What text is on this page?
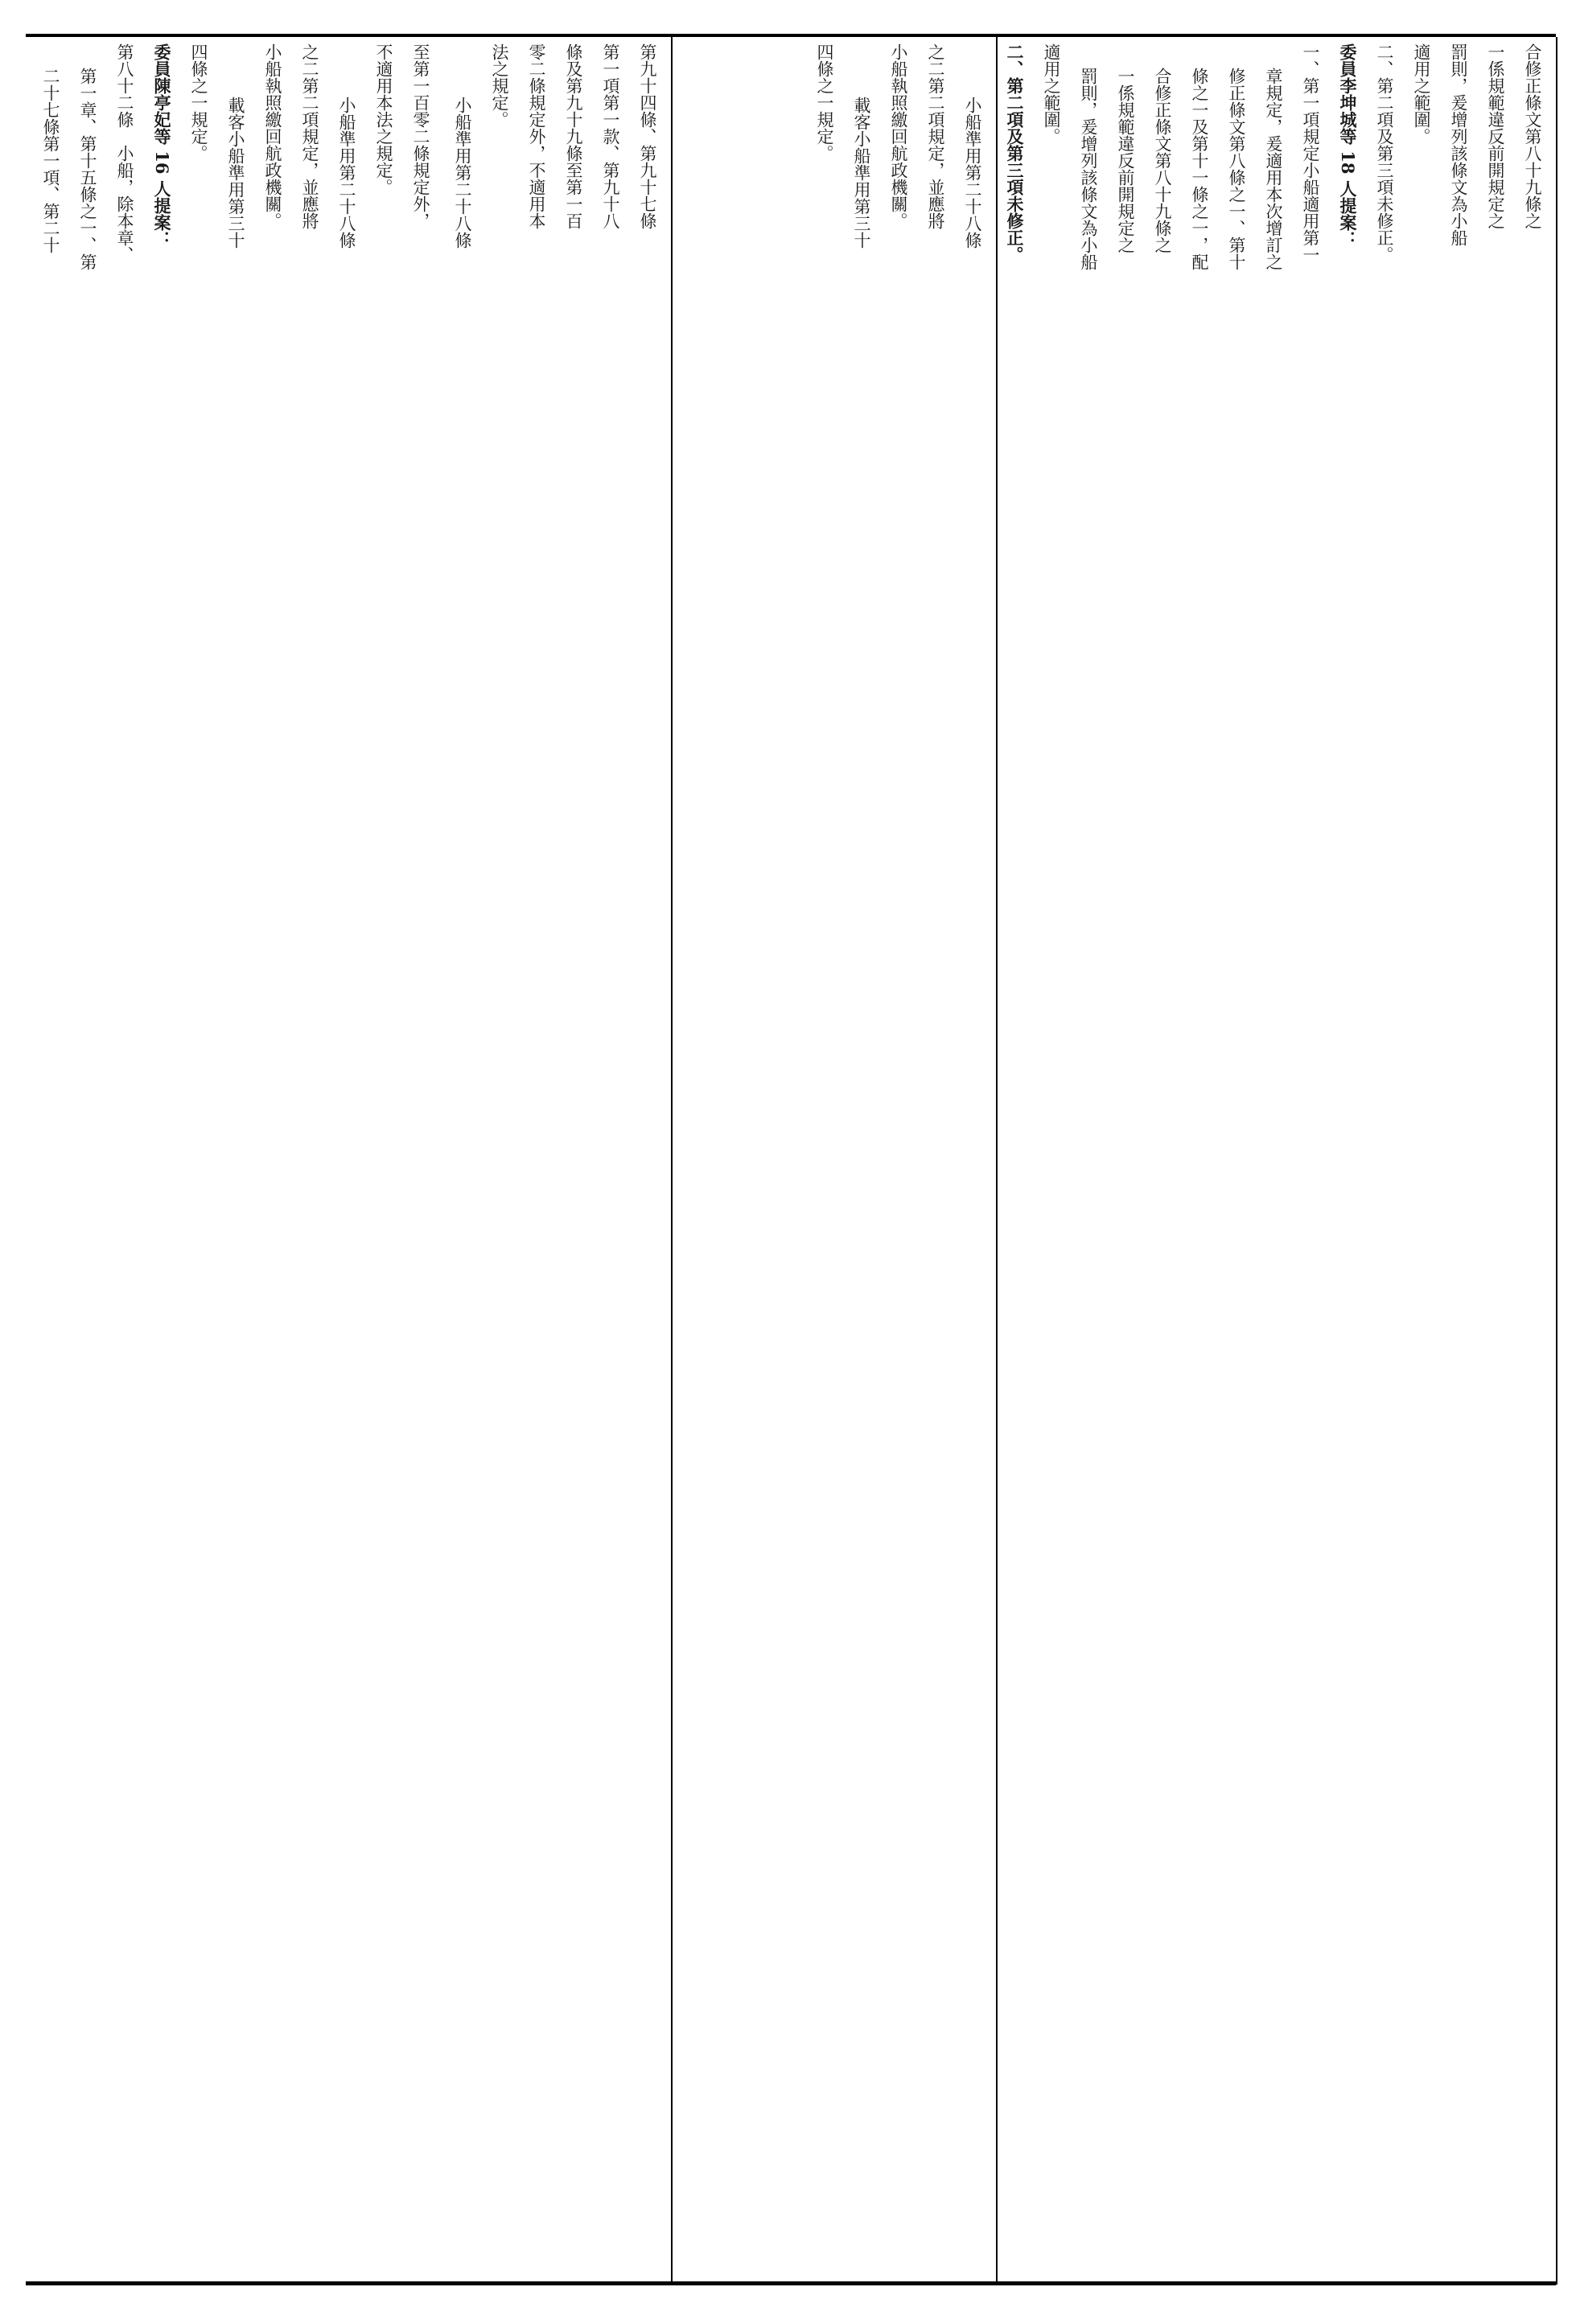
合修正條文第八十九條之
一係規範違反前開規定之
罰則，爰增列該條文為小船
適用之範圍。
二、第二項及第三項未修正。
委員李坤城等 18 人提案：
一、第一項規定小船適用第一
章規定，爰適用本次增訂之
修正條文第八條之一、第十
條之一及第十一條之一，配
合修正條文第八十九條之
一係規範違反前開規定之
罰則，爰增列該條文為小船
適用之範圍。
二、第二項及第三項未修正。
小船準用第二十八條
之二第二項規定，並應將
小船執照繳回航政機關。
載客小船準用第三十
四條之一規定。
第九十四條、第九十七條
第一項第一款、第九十八
條及第九十九條至第一百
零二條規定外，不適用本
法之規定。
小船準用第二十八條
至第一百零二條規定外，
不適用本法之規定。
小船準用第二十八條
之二第二項規定，並應將
小船執照繳回航政機關。
載客小船準用第三十
四條之一規定。
委員陳亭妃等 16 人提案：
第八十二條　小船，除本章、
第一章、第十五條之一、第
二十七條第一項、第二十
